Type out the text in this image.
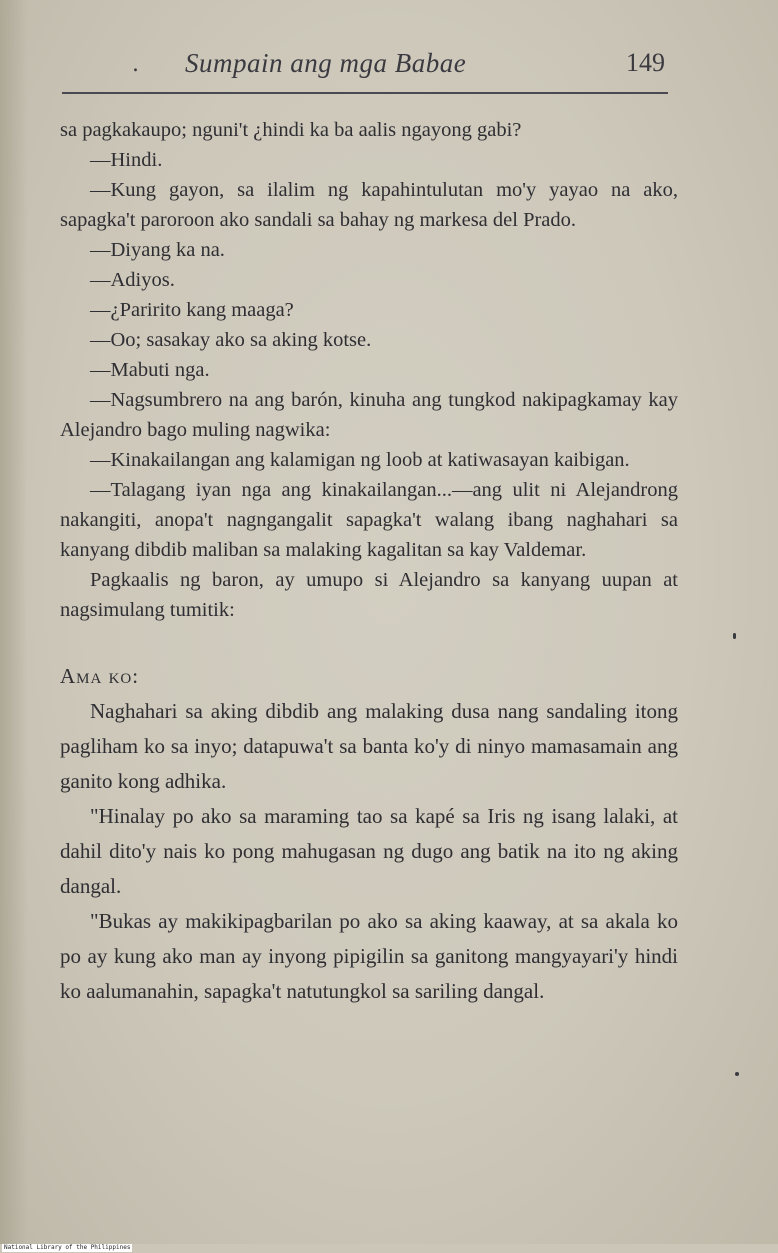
. Sumpain ang mga Babae	149

sa pagkakaupo; nguni't ¿hindi ka ba aalis ngayong gabi?

—Hindi.

—Kung gayon, sa ilalim ng kapahintulutan mo'y yayao na ako, sapagka't paroroon ako sandali sa bahay ng markesa del Prado.

—Diyang ka na.

—Adiyos.

—¿Paririto kang maaga?

—Oo; sasakay ako sa aking kotse.

—Mabuti nga.

—Nagsumbrero na ang barón, kinuha ang tungkod nakipagkamay kay Alejandro bago muling nagwika:

—Kinakailangan ang kalamigan ng loob at katiwasayan kaibigan.

—Talagang iyan nga ang kinakailangan...—ang ulit ni Alejandrong nakangiti, anopa't nagngangalit sapagka't walang ibang naghahari sa kanyang dibdib maliban sa malaking kagalitan sa kay Valdemar.

Pagkaalis ng baron, ay umupo si Alejandro sa kanyang uupan at nagsimulang tumitik:

Ama ko:

Naghahari sa aking dibdib ang malaking dusa nang sandaling itong pagliham ko sa inyo; datapuwa't sa banta ko'y di ninyo mamasamain ang ganito kong adhika.

"Hinalay po ako sa maraming tao sa kapé sa Iris ng isang lalaki, at dahil dito'y nais ko pong mahugasan ng dugo ang batik na ito ng aking dangal.

"Bukas ay makikipagbarilan po ako sa aking kaaway, at sa akala ko po ay kung ako man ay inyong pipigilin sa ganitong mangyayari'y hindi ko aalumanahin, sapagka't natutungkol sa sariling dangal.

National Library of the Philippines
